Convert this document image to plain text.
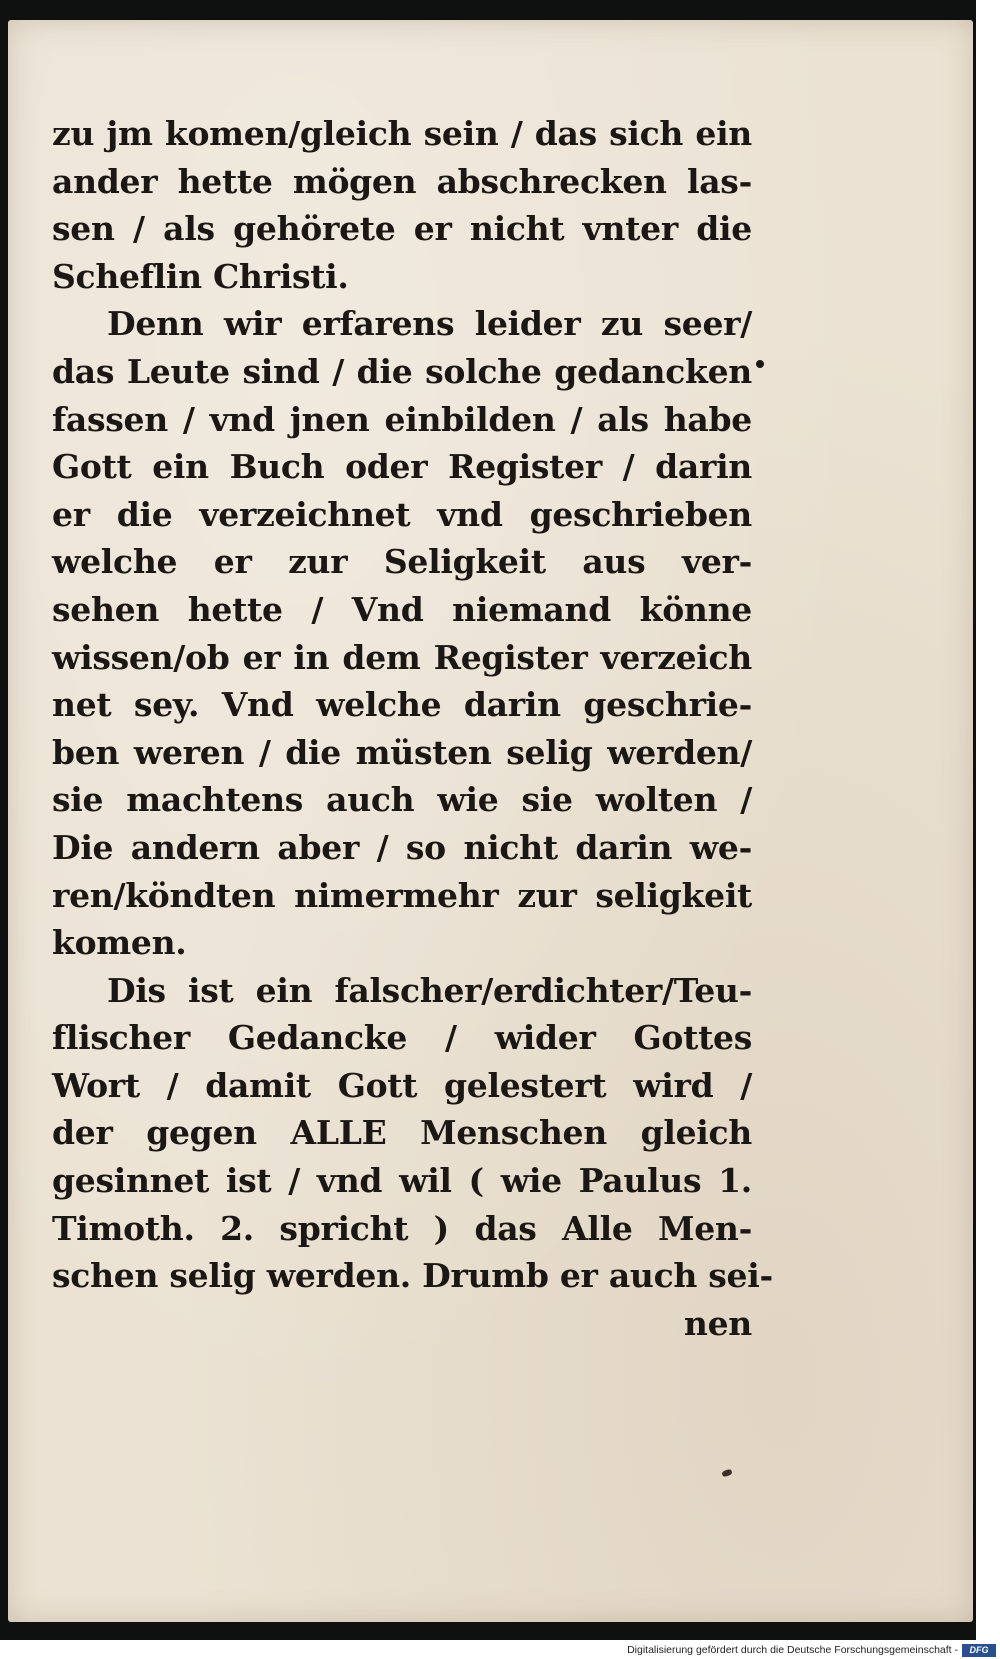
zu jm komen/gleich sein / das sich ein
ander hette mögen abschrecken las-
sen / als gehörete er nicht vnter die
Scheflin Christi.
Denn wir erfarens leider zu seer/
das Leute sind / die solche gedancken
fassen / vnd jnen einbilden / als habe
Gott ein Buch oder Register / darin
er die verzeichnet vnd geschrieben
welche er zur Seligkeit aus ver-
sehen hette / Vnd niemand könne
wissen/ob er in dem Register verzeich
net sey. Vnd welche darin geschrie-
ben weren / die müsten selig werden/
sie machtens auch wie sie wolten /
Die andern aber / so nicht darin we-
ren/köndten nimermehr zur seligkeit
komen.
Dis ist ein falscher/erdichter/Teu-
flischer Gedancke / wider Gottes
Wort / damit Gott gelestert wird /
der gegen ALLE Menschen gleich
gesinnet ist / vnd wil ( wie Paulus 1.
Timoth. 2. spricht ) das Alle Men-
schen selig werden. Drumb er auch sei-
nen
Digitalisierung gefördert durch die Deutsche Forschungsgemeinschaft -	DFG
